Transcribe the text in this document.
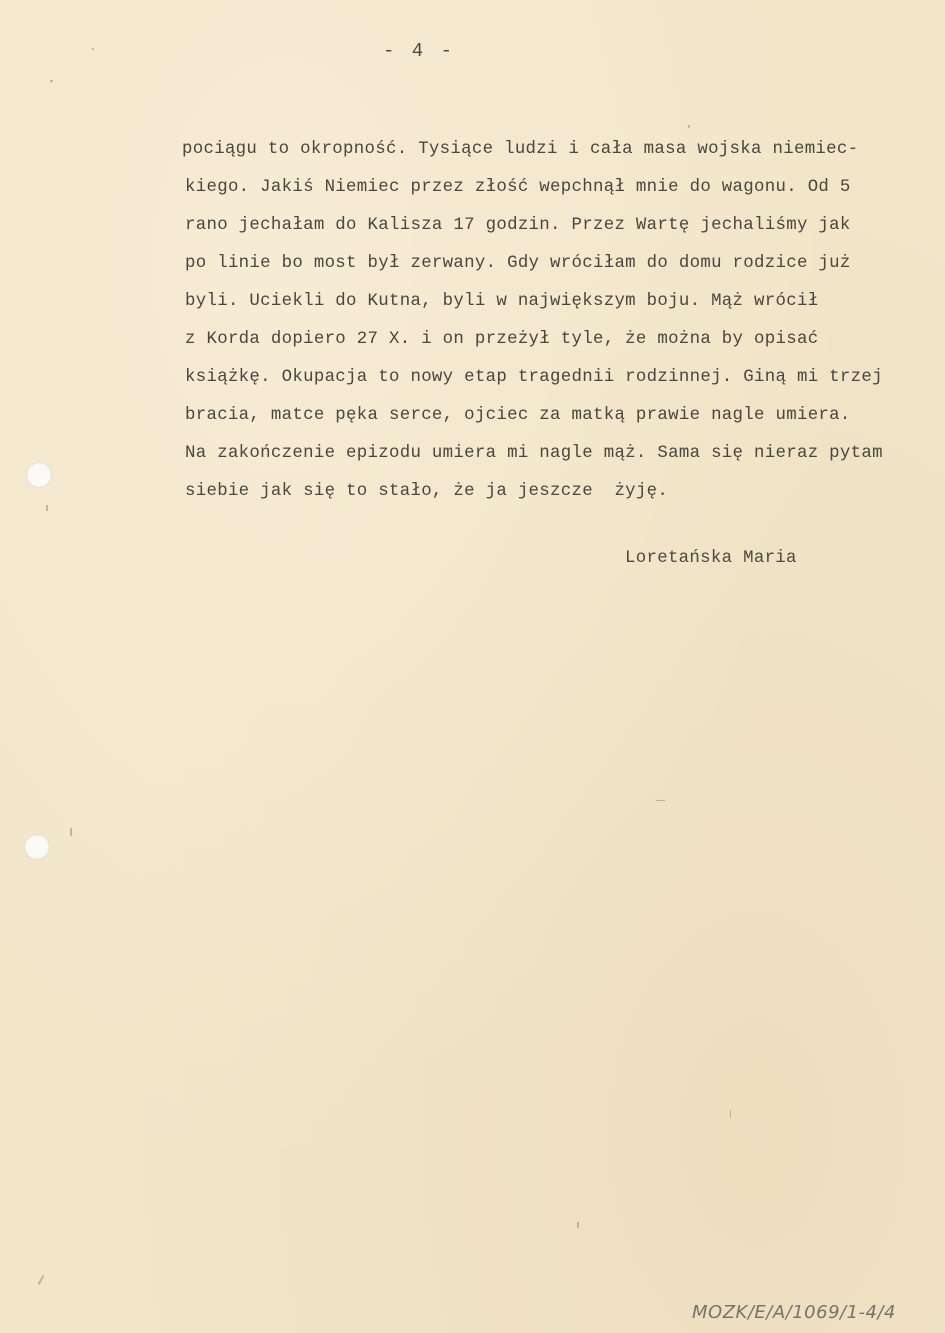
- 4 -
pociągu to okropność. Tysiące ludzi i cała masa wojska niemiec-
kiego. Jakiś Niemiec przez złość wepchnął mnie do wagonu. Od 5
rano jechałam do Kalisza 17 godzin. Przez Wartę jechaliśmy jak
po linie bo most był zerwany. Gdy wróciłam do domu rodzice już
byli. Uciekli do Kutna, byli w największym boju. Mąż wrócił
z Korda dopiero 27 X. i on przeżył tyle, że można by opisać
książkę. Okupacja to nowy etap tragednii rodzinnej. Giną mi trzej
bracia, matce pęka serce, ojciec za matką prawie nagle umiera.
Na zakończenie epizodu umiera mi nagle mąż. Sama się nieraz pytam
siebie jak się to stało, że ja jeszcze  żyję.
Loretańska Maria
MOZK/E/A/1069/1-4/4
